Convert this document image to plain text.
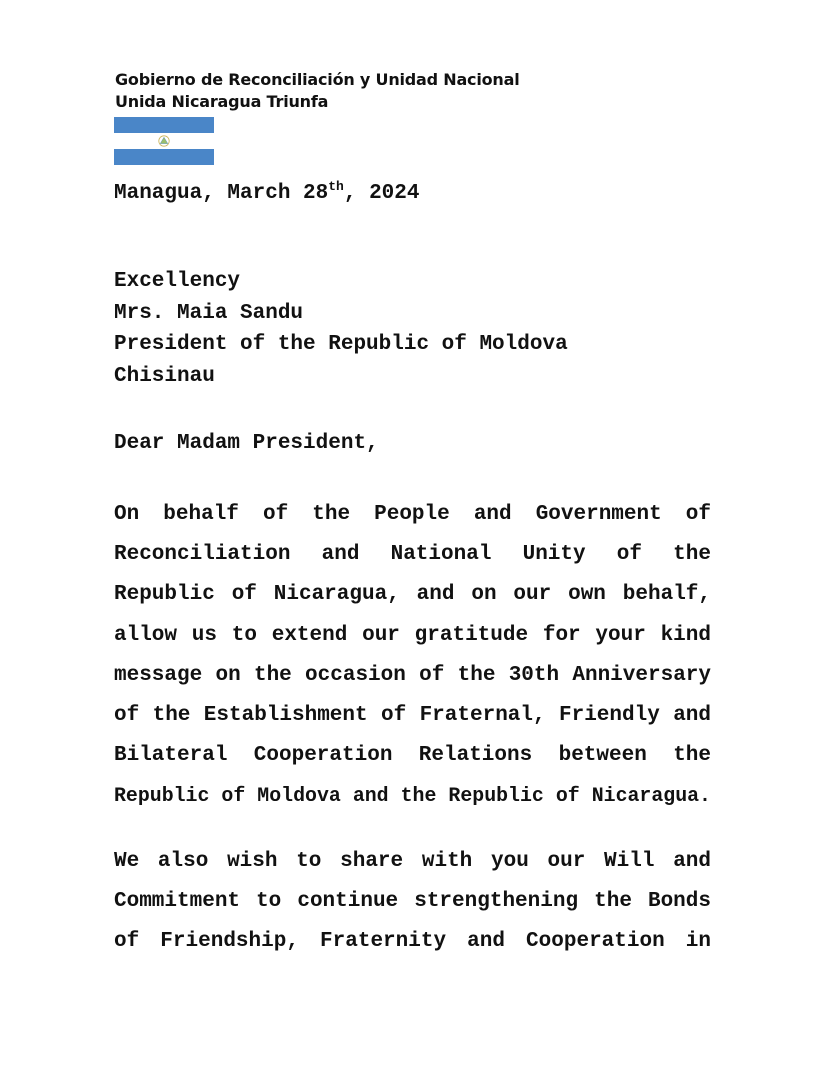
Gobierno de Reconciliación y Unidad Nacional
Unida Nicaragua Triunfa
Managua, March 28th, 2024
Excellency
Mrs. Maia Sandu
President of the Republic of Moldova
Chisinau
Dear Madam President,
On behalf of the People and Government of
Reconciliation and National Unity of the
Republic of Nicaragua, and on our own behalf,
allow us to extend our gratitude for your kind
message on the occasion of the 30th Anniversary
of the Establishment of Fraternal, Friendly and
Bilateral Cooperation Relations between the
Republic of Moldova and the Republic of Nicaragua.
We also wish to share with you our Will and
Commitment to continue strengthening the Bonds
of Friendship, Fraternity and Cooperation in
